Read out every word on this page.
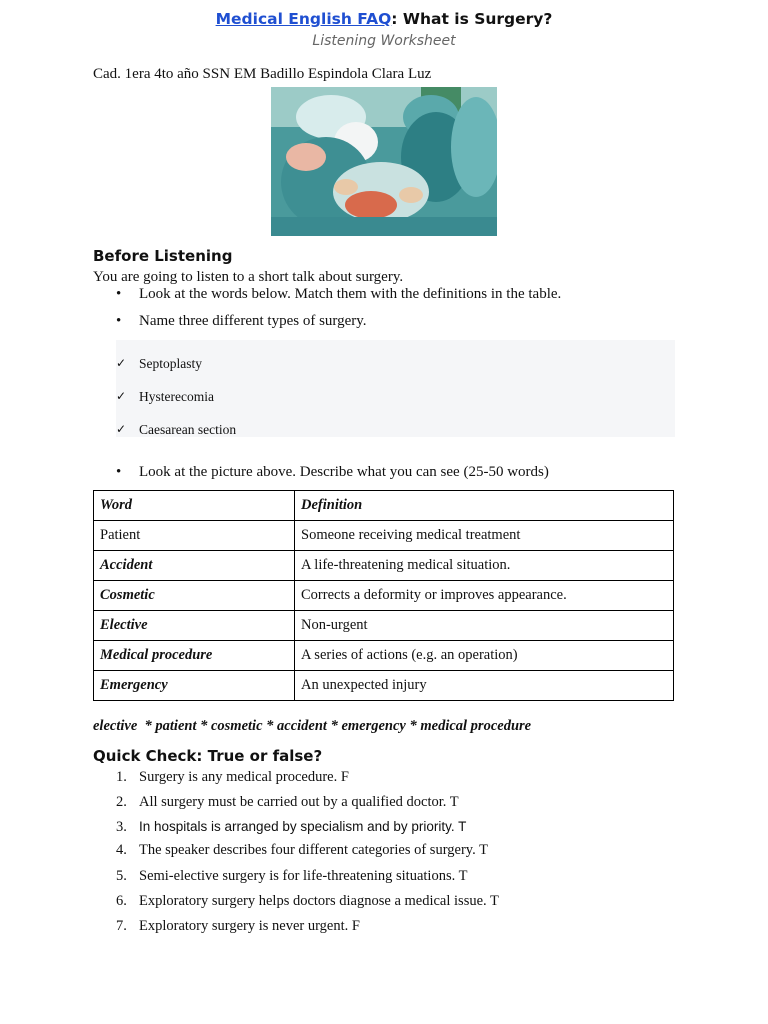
Medical English FAQ: What is Surgery?
Listening Worksheet
Cad. 1era 4to año SSN EM Badillo Espindola Clara Luz
Before Listening
You are going to listen to a short talk about surgery.
• Look at the words below. Match them with the definitions in the table.
• Name three different types of surgery.
✓ Septoplasty
✓ Hysterecomia
✓ Caesarean section
• Look at the picture above. Describe what you can see (25-50 words)
Word	Definition
Patient	Someone receiving medical treatment
Accident	A life-threatening medical situation.
Cosmetic	Corrects a deformity or improves appearance.
Elective	Non-urgent
Medical procedure	A series of actions (e.g. an operation)
Emergency	An unexpected injury
elective  * patient * cosmetic * accident * emergency * medical procedure
Quick Check: True or false?
1. Surgery is any medical procedure. F
2. All surgery must be carried out by a qualified doctor. T
3. In hospitals is arranged by specialism and by priority. T
4. The speaker describes four different categories of surgery. T
5. Semi-elective surgery is for life-threatening situations. T
6. Exploratory surgery helps doctors diagnose a medical issue. T
7. Exploratory surgery is never urgent. F
